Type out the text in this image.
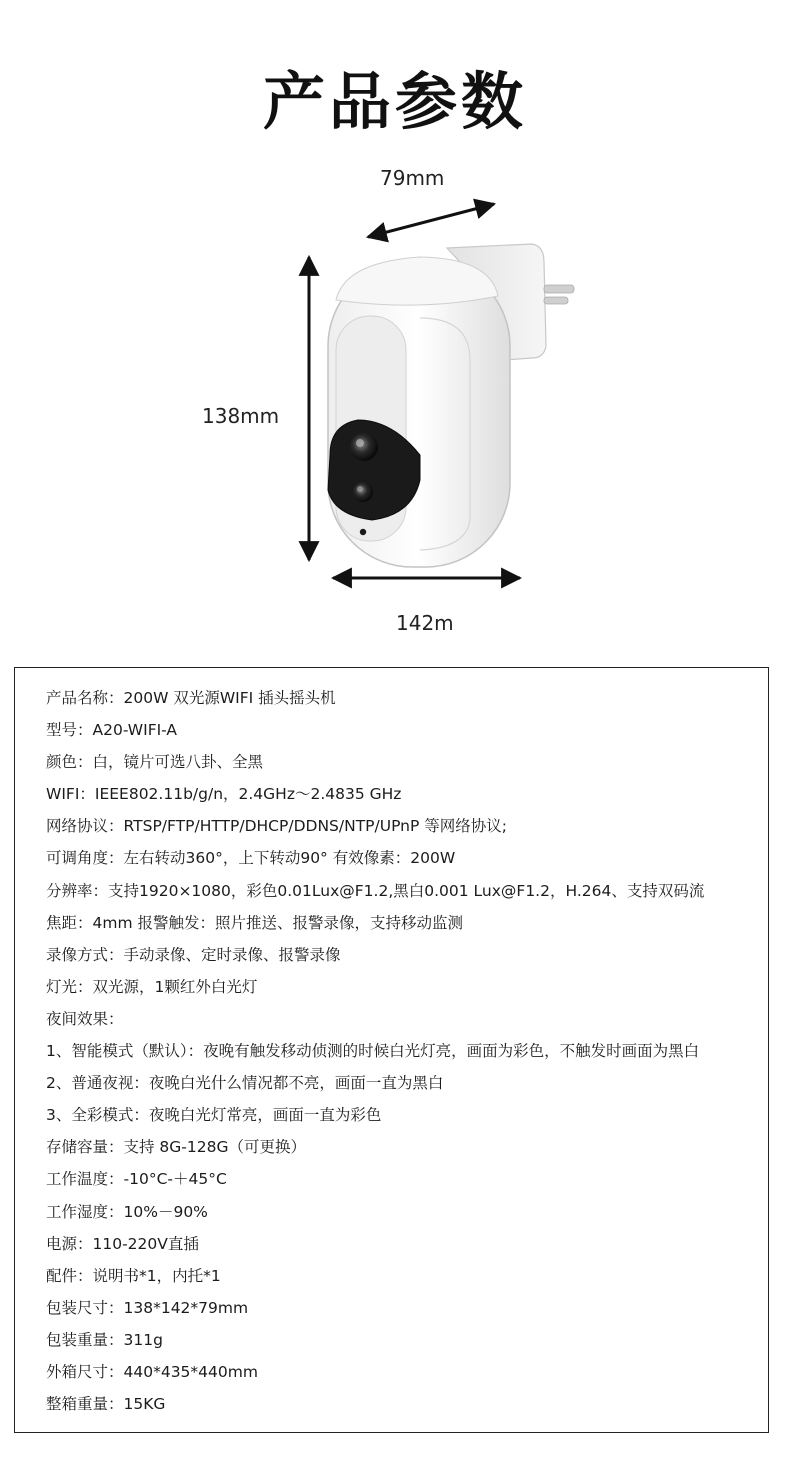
产品参数
79mm
138mm
142m
产品名称：200W 双光源WIFI 插头摇头机
型号：A20-WIFI-A
颜色：白，镜片可选八卦、全黑
WIFI：IEEE802.11b/g/n，2.4GHz～2.4835 GHz
网络协议：RTSP/FTP/HTTP/DHCP/DDNS/NTP/UPnP 等网络协议;
可调角度：左右转动360°，上下转动90° 有效像素：200W
分辨率：支持1920×1080，彩色0.01Lux@F1.2,黑白0.001 Lux@F1.2，H.264、支持双码流
焦距：4mm 报警触发：照片推送、报警录像，支持移动监测
录像方式：手动录像、定时录像、报警录像
灯光：双光源，1颗红外白光灯
夜间效果：
1、智能模式（默认）：夜晚有触发移动侦测的时候白光灯亮，画面为彩色，不触发时画面为黑白
2、普通夜视：夜晚白光什么情况都不亮，画面一直为黑白
3、全彩模式：夜晚白光灯常亮，画面一直为彩色
存储容量：支持 8G-128G（可更换）
工作温度：-10°C-＋45°C
工作湿度：10%－90%
电源：110-220V直插
配件：说明书*1，内托*1
包装尺寸：138*142*79mm
包装重量：311g
外箱尺寸：440*435*440mm
整箱重量：15KG
